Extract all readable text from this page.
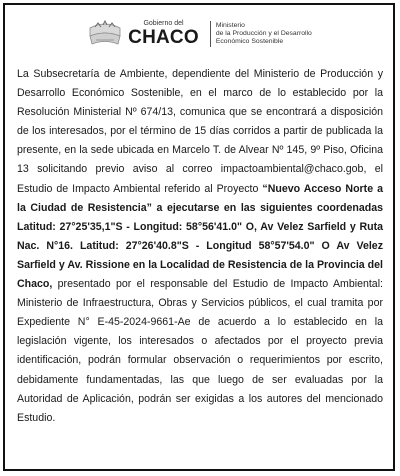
Gobierno del
CHACO
Ministerio
de la Producción y el Desarrollo
Económico Sostenible
La Subsecretaría de Ambiente, dependiente del Ministerio de Producción y Desarrollo Económico Sostenible, en el marco de lo establecido por la Resolución Ministerial Nº 674/13, comunica que se encontrará a disposición de los interesados, por el término de 15 días corridos a partir de publicada la presente, en la sede ubicada en Marcelo T. de Alvear Nº 145, 9º Piso, Oficina 13 solicitando previo aviso al correo impactoambiental@chaco.gob, el Estudio de Impacto Ambiental referido al Proyecto “Nuevo Acceso Norte a la Ciudad de Resistencia” a ejecutarse en las siguientes coordenadas Latitud: 27°25'35,1"S - Longitud: 58°56'41.0" O, Av Velez Sarfield y Ruta Nac. N°16. Latitud: 27°26'40.8"S - Longitud 58°57'54.0" O Av Velez Sarfield y Av. Rissione en la Localidad de Resistencia de la Provincia del Chaco, presentado por el responsable del Estudio de Impacto Ambiental: Ministerio de Infraestructura, Obras y Servicios públicos, el cual tramita por Expediente N° E-45-2024-9661-Ae de acuerdo a lo establecido en la legislación vigente, los interesados o afectados por el proyecto previa identificación, podrán formular observación o requerimientos por escrito, debidamente fundamentadas, las que luego de ser evaluadas por la Autoridad de Aplicación, podrán ser exigidas a los autores del mencionado Estudio.
